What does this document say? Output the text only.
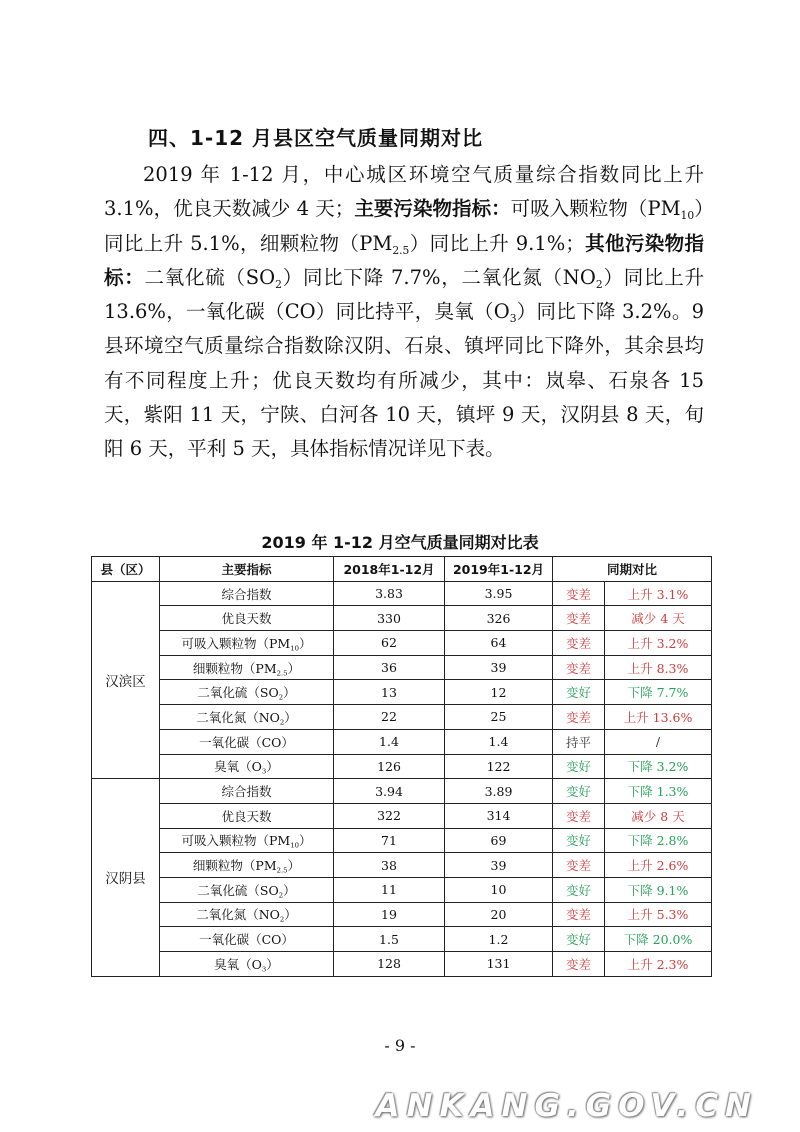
四、1-12 月县区空气质量同期对比
2019 年 1-12 月，中心城区环境空气质量综合指数同比上升 3.1%，优良天数减少 4 天；主要污染物指标：可吸入颗粒物$(PM_{10})$同比上升 5.1%，细颗粒物$(PM_{2.5})$同比上升 9.1%；其他污染物指标：二氧化硫$(SO_2)$同比下降 7.7%，二氧化氮$(NO_2)$同比上升 13.6%，一氧化碳（CO）同比持平，臭氧$(O_3)$同比下降 3.2%。9 县环境空气质量综合指数除汉阴、石泉、镇坪同比下降外，其余县均有不同程度上升；优良天数均有所减少，其中：岚皋、石泉各 15 天，紫阳 11 天，宁陕、白河各 10 天，镇坪 9 天，汉阴县 8 天，旬阳 6 天，平利 5 天，具体指标情况详见下表。
2019 年 1-12 月空气质量同期对比表
县（区）	主要指标	2018年1-12月	2019年1-12月	同期对比	
汉滨区	综合指数	3.83	3.95	变差	上升 3.1%
	优良天数	330	326	变差	减少 4 天
	可吸入颗粒物$(PM_{10})$	62	64	变差	上升 3.2%
	细颗粒物$(PM_{2.5})$	36	39	变差	上升 8.3%
	二氧化硫$(SO_2)$	13	12	变好	下降 7.7%
	二氧化氮$(NO_2)$	22	25	变差	上升 13.6%
	一氧化碳（CO）	1.4	1.4	持平	/
	臭氧$(O_3)$	126	122	变好	下降 3.2%
汉阴县	综合指数	3.94	3.89	变好	下降 1.3%
	优良天数	322	314	变差	减少 8 天
	可吸入颗粒物$(PM_{10})$	71	69	变好	下降 2.8%
	细颗粒物$(PM_{2.5})$	38	39	变差	上升 2.6%
	二氧化硫$(SO_2)$	11	10	变好	下降 9.1%
	二氧化氮$(NO_2)$	19	20	变差	上升 5.3%
	一氧化碳（CO）	1.5	1.2	变好	下降 20.0%
	臭氧$(O_3)$	128	131	变差	上升 2.3%
- 9 -
ANKANG.GOV.CN
